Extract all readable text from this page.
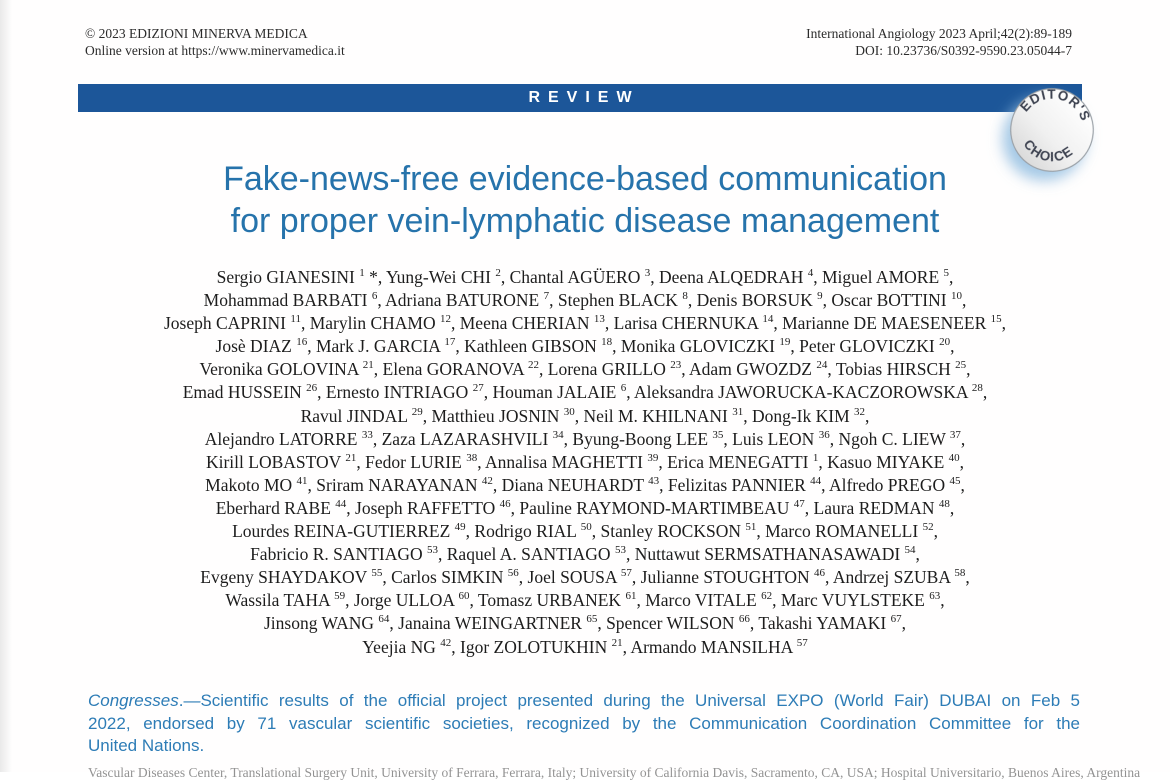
© 2023 EDIZIONI MINERVA MEDICA
Online version at https://www.minervamedica.it
International Angiology 2023 April;42(2):89-189
DOI: 10.23736/S0392-9590.23.05044-7
REVIEW	EDITOR'S
CHOICE
Fake-news-free evidence-based communication
for proper vein-lymphatic disease management
Sergio GIANESINI $^1$ *, Yung-Wei CHI $^2$, Chantal AGÜERO $^3$, Deena ALQEDRAH $^4$, Miguel AMORE $^5$,
Mohammad BARBATI $^6$, Adriana BATURONE $^7$, Stephen BLACK $^8$, Denis BORSUK $^9$, Oscar BOTTINI $^{10}$,
Joseph CAPRINI $^{11}$, Marylin CHAMO $^{12}$, Meena CHERIAN $^{13}$, Larisa CHERNUKA $^{14}$, Marianne DE MAESENEER $^{15}$,
Josè DIAZ $^{16}$, Mark J. GARCIA $^{17}$, Kathleen GIBSON $^{18}$, Monika GLOVICZKI $^{19}$, Peter GLOVICZKI $^{20}$,
Veronika GOLOVINA $^{21}$, Elena GORANOVA $^{22}$, Lorena GRILLO $^{23}$, Adam GWOZDZ $^{24}$, Tobias HIRSCH $^{25}$,
Emad HUSSEIN $^{26}$, Ernesto INTRIAGO $^{27}$, Houman JALAIE $^6$, Aleksandra JAWORUCKA-KACZOROWSKA $^{28}$,
Ravul JINDAL $^{29}$, Matthieu JOSNIN $^{30}$, Neil M. KHILNANI $^{31}$, Dong-Ik KIM $^{32}$,
Alejandro LATORRE $^{33}$, Zaza LAZARASHVILI $^{34}$, Byung-Boong LEE $^{35}$, Luis LEON $^{36}$, Ngoh C. LIEW $^{37}$,
Kirill LOBASTOV $^{21}$, Fedor LURIE $^{38}$, Annalisa MAGHETTI $^{39}$, Erica MENEGATTI $^1$, Kasuo MIYAKE $^{40}$,
Makoto MO $^{41}$, Sriram NARAYANAN $^{42}$, Diana NEUHARDT $^{43}$, Felizitas PANNIER $^{44}$, Alfredo PREGO $^{45}$,
Eberhard RABE $^{44}$, Joseph RAFFETTO $^{46}$, Pauline RAYMOND-MARTIMBEAU $^{47}$, Laura REDMAN $^{48}$,
Lourdes REINA-GUTIERREZ $^{49}$, Rodrigo RIAL $^{50}$, Stanley ROCKSON $^{51}$, Marco ROMANELLI $^{52}$,
Fabricio R. SANTIAGO $^{53}$, Raquel A. SANTIAGO $^{53}$, Nuttawut SERMSATHANASAWADI $^{54}$,
Evgeny SHAYDAKOV $^{55}$, Carlos SIMKIN $^{56}$, Joel SOUSA $^{57}$, Julianne STOUGHTON $^{46}$, Andrzej SZUBA $^{58}$,
Wassila TAHA $^{59}$, Jorge ULLOA $^{60}$, Tomasz URBANEK $^{61}$, Marco VITALE $^{62}$, Marc VUYLSTEKE $^{63}$,
Jinsong WANG $^{64}$, Janaina WEINGARTNER $^{65}$, Spencer WILSON $^{66}$, Takashi YAMAKI $^{67}$,
Yeejia NG $^{42}$, Igor ZOLOTUKHIN $^{21}$, Armando MANSILHA $^{57}$

Congresses.—Scientific results of the official project presented during the Universal EXPO (World Fair) DUBAI on Feb 5
2022, endorsed by 71 vascular scientific societies, recognized by the Communication Coordination Committee for the
United Nations.

Vascular Diseases Center, Translational Surgery Unit, University of Ferrara, Ferrara, Italy; University of California Davis, Sacramento, CA, USA; Hospital Universitario, Buenos Aires, Argentina
